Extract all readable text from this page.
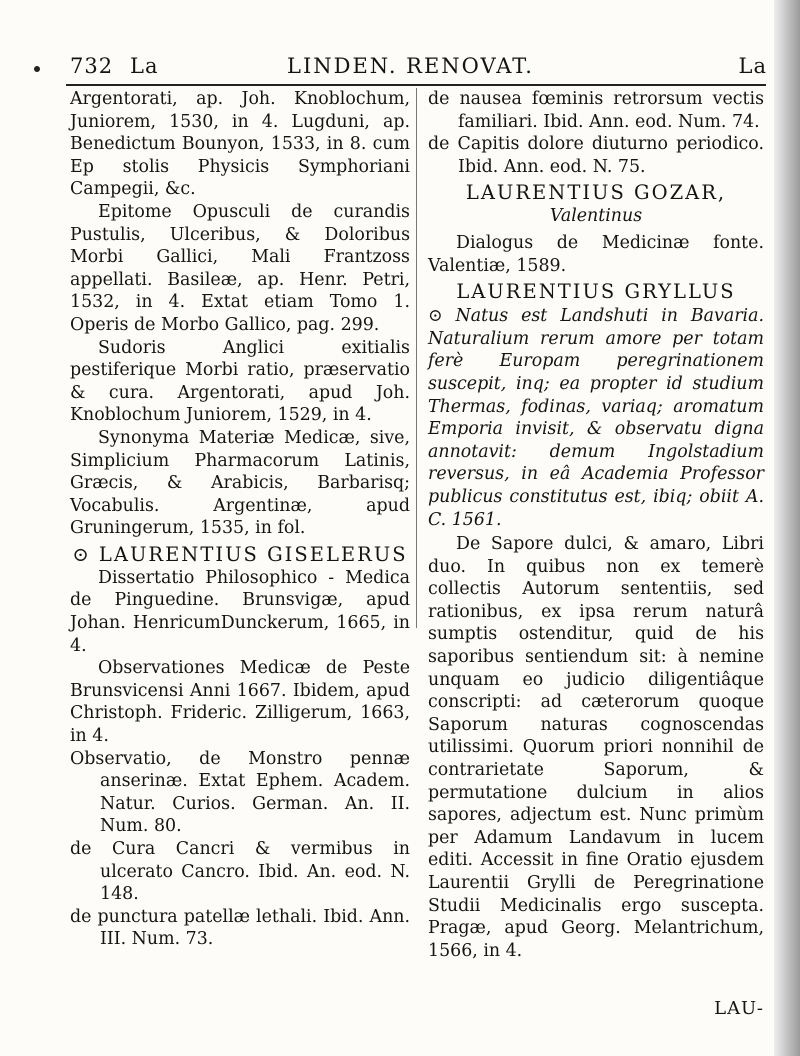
732 La	LINDEN. RENOVAT.	La

Argentorati, ap. Joh. Knoblochum, Juniorem, 1530, in 4. Lugduni, ap. Benedictum Bounyon, 1533, in 8. cum Ep stolis Physicis Symphoriani Campegii, &c.

Epitome Opusculi de curandis Pustulis, Ulceribus, & Doloribus Morbi Gallici, Mali Frantzoss appellati. Basileæ, ap. Henr. Petri, 1532, in 4. Extat etiam Tomo 1. Operis de Morbo Gallico, pag. 299.

Sudoris Anglici exitialis pestiferique Morbi ratio, præservatio & cura. Argentorati, apud Joh. Knoblochum Juniorem, 1529, in 4.

Synonyma Materiæ Medicæ, sive, Simplicium Pharmacorum Latinis, Græcis, & Arabicis, Barbarisq; Vocabulis. Argentinæ, apud Gruningerum, 1535, in fol.

⊙ LAURENTIUS GISELERUS

Dissertatio Philosophico - Medica de Pinguedine. Brunsvigæ, apud Johan. HenricumDunckerum, 1665, in 4.

Observationes Medicæ de Peste Brunsvicensi Anni 1667. Ibidem, apud Christoph. Frideric. Zilligerum, 1663, in 4.

Observatio, de Monstro pennæ anserinæ. Extat Ephem. Academ. Natur. Curios. German. An. II. Num. 80.

de Cura Cancri & vermibus in ulcerato Cancro. Ibid. An. eod. N. 148.

de punctura patellæ lethali. Ibid. Ann. III. Num. 73.

de nausea fœminis retrorsum vectis familiari. Ibid. Ann. eod. Num. 74.

de Capitis dolore diuturno periodico. Ibid. Ann. eod. N. 75.

LAURENTIUS GOZAR,
Valentinus

Dialogus de Medicinæ fonte. Valentiæ, 1589.

LAURENTIUS GRYLLUS

⊙ Natus est Landshuti in Bavaria. Naturalium rerum amore per totam ferè Europam peregrinationem suscepit, inq; ea propter id studium Thermas, fodinas, variaq; aromatum Emporia invisit, & observatu digna annotavit: demum Ingolstadium reversus, in eâ Academia Professor publicus constitutus est, ibiq; obiit A. C. 1561.

De Sapore dulci, & amaro, Libri duo. In quibus non ex temerè collectis Autorum sententiis, sed rationibus, ex ipsa rerum naturâ sumptis ostenditur, quid de his saporibus sentiendum sit: à nemine unquam eo judicio diligentiâque conscripti: ad cæterorum quoque Saporum naturas cognoscendas utilissimi. Quorum priori nonnihil de contrarietate Saporum, & permutatione dulcium in alios sapores, adjectum est. Nunc primùm per Adamum Landavum in lucem editi. Accessit in fine Oratio ejusdem Laurentii Grylli de Peregrinatione Studii Medicinalis ergo suscepta. Pragæ, apud Georg. Melantrichum, 1566, in 4.

LAU-
